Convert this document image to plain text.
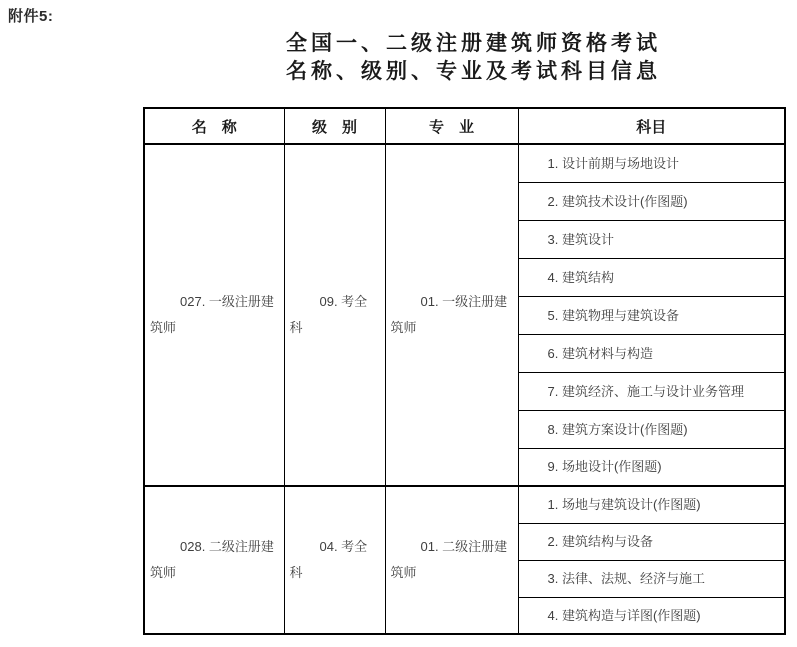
附件5:
全国一、二级注册建筑师资格考试
名称、级别、专业及考试科目信息
名　称	级　别	专　业	科目
027. 一级注册建筑师	09. 考全科	01. 一级注册建筑师	1. 设计前期与场地设计
			2. 建筑技术设计(作图题)
			3. 建筑设计
			4. 建筑结构
			5. 建筑物理与建筑设备
			6. 建筑材料与构造
			7. 建筑经济、施工与设计业务管理
			8. 建筑方案设计(作图题)
			9. 场地设计(作图题)
028. 二级注册建筑师	04. 考全科	01. 二级注册建筑师	1. 场地与建筑设计(作图题)
			2. 建筑结构与设备
			3. 法律、法规、经济与施工
			4. 建筑构造与详图(作图题)
